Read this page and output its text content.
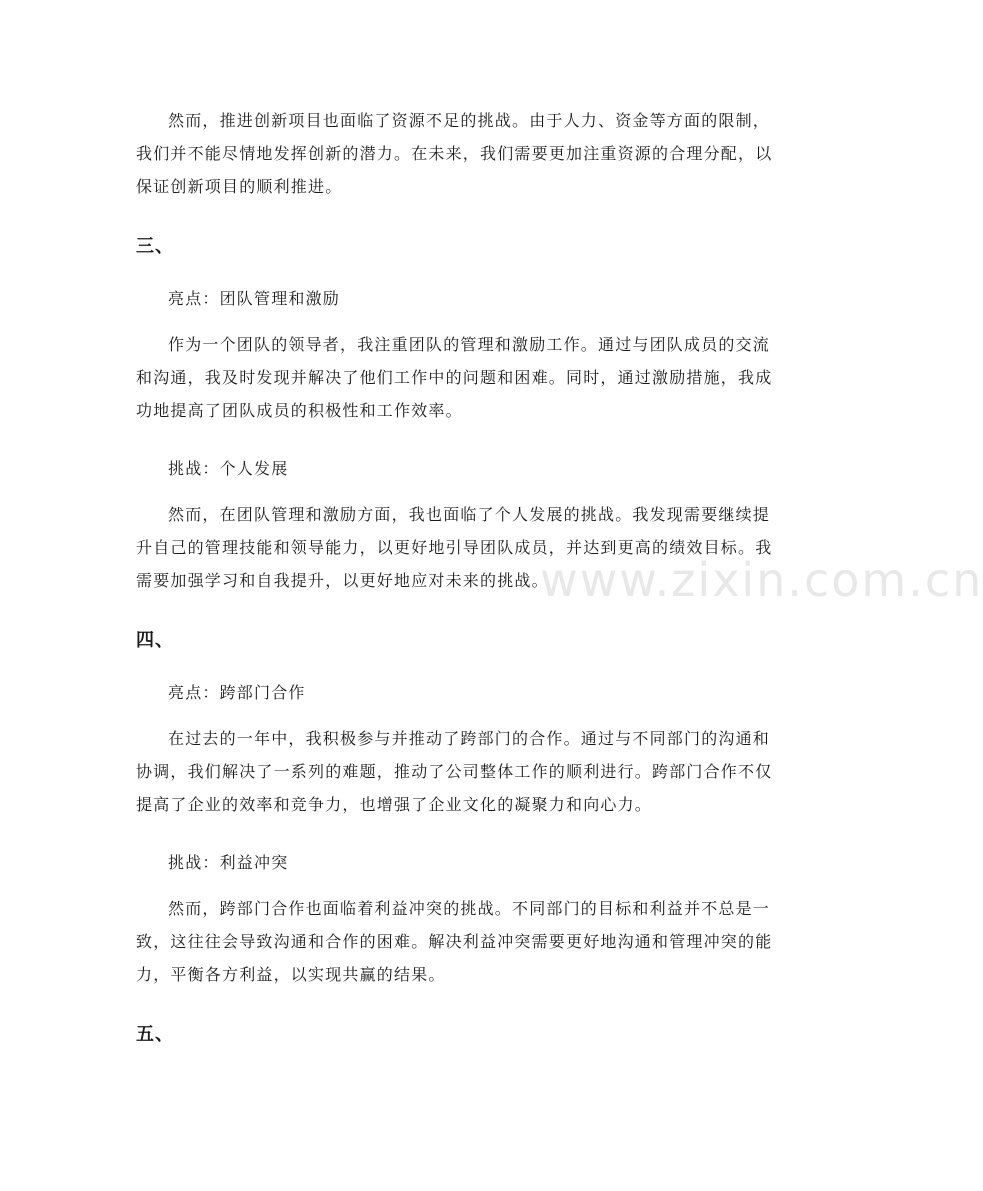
www.zixin.com.cn

然而，推进创新项目也面临了资源不足的挑战。由于人力、资金等方面的限制，我们并不能尽情地发挥创新的潜力。在未来，我们需要更加注重资源的合理分配，以保证创新项目的顺利推进。

三、

亮点：团队管理和激励

作为一个团队的领导者，我注重团队的管理和激励工作。通过与团队成员的交流和沟通，我及时发现并解决了他们工作中的问题和困难。同时，通过激励措施，我成功地提高了团队成员的积极性和工作效率。

挑战：个人发展

然而，在团队管理和激励方面，我也面临了个人发展的挑战。我发现需要继续提升自己的管理技能和领导能力，以更好地引导团队成员，并达到更高的绩效目标。我需要加强学习和自我提升，以更好地应对未来的挑战。

四、

亮点：跨部门合作

在过去的一年中，我积极参与并推动了跨部门的合作。通过与不同部门的沟通和协调，我们解决了一系列的难题，推动了公司整体工作的顺利进行。跨部门合作不仅提高了企业的效率和竞争力，也增强了企业文化的凝聚力和向心力。

挑战：利益冲突

然而，跨部门合作也面临着利益冲突的挑战。不同部门的目标和利益并不总是一致，这往往会导致沟通和合作的困难。解决利益冲突需要更好地沟通和管理冲突的能力，平衡各方利益，以实现共赢的结果。

五、
